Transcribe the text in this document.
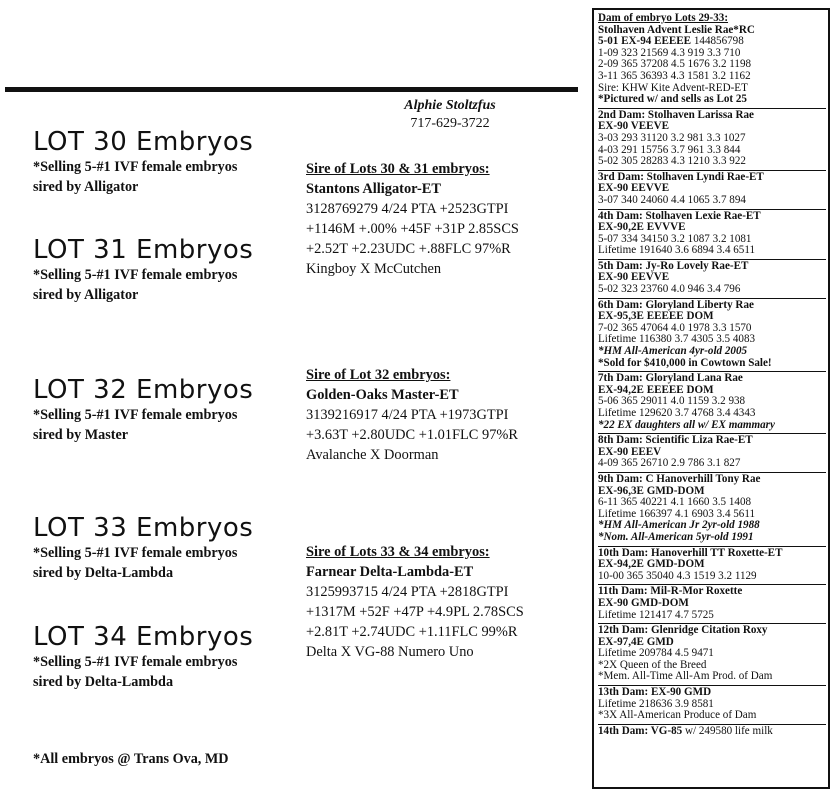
Alphie Stoltzfus
717-629-3722
LOT 30 Embryos
*Selling 5-#1 IVF female embryos
sired by Alligator
LOT 31 Embryos
*Selling 5-#1 IVF female embryos
sired by Alligator
LOT 32 Embryos
*Selling 5-#1 IVF female embryos
sired by Master
LOT 33 Embryos
*Selling 5-#1 IVF female embryos
sired by Delta-Lambda
LOT 34 Embryos
*Selling 5-#1 IVF female embryos
sired by Delta-Lambda
Sire of Lots 30 & 31 embryos:
Stantons Alligator-ET
3128769279 4/24 PTA +2523GTPI
+1146M +.00% +45F +31P 2.85SCS
+2.52T +2.23UDC +.88FLC 97%R
Kingboy X McCutchen
Sire of Lot 32 embryos:
Golden-Oaks Master-ET
3139216917 4/24 PTA +1973GTPI
+3.63T +2.80UDC +1.01FLC 97%R
Avalanche X Doorman
Sire of Lots 33 & 34 embryos:
Farnear Delta-Lambda-ET
3125993715 4/24 PTA +2818GTPI
+1317M +52F +47P +4.9PL 2.78SCS
+2.81T +2.74UDC +1.11FLC 99%R
Delta X VG-88 Numero Uno
*All embryos @ Trans Ova, MD
Dam of embryo Lots 29-33:
Stolhaven Advent Leslie Rae*RC
5-01 EX-94 EEEEE 144856798
1-09 323 21569 4.3 919 3.3 710
2-09 365 37208 4.5 1676 3.2 1198
3-11 365 36393 4.3 1581 3.2 1162
Sire: KHW Kite Advent-RED-ET
*Pictured w/ and sells as Lot 25
2nd Dam: Stolhaven Larissa Rae
EX-90 VEEVE
3-03 293 31120 3.2 981 3.3 1027
4-03 291 15756 3.7 961 3.3 844
5-02 305 28283 4.3 1210 3.3 922
3rd Dam: Stolhaven Lyndi Rae-ET
EX-90 EEVVE
3-07 340 24060 4.4 1065 3.7 894
4th Dam: Stolhaven Lexie Rae-ET
EX-90,2E EVVVE
5-07 334 34150 3.2 1087 3.2 1081
Lifetime 191640 3.6 6894 3.4 6511
5th Dam: Jy-Ro Lovely Rae-ET
EX-90 EEVVE
5-02 323 23760 4.0 946 3.4 796
6th Dam: Gloryland Liberty Rae
EX-95,3E EEEEE DOM
7-02 365 47064 4.0 1978 3.3 1570
Lifetime 116380 3.7 4305 3.5 4083
*HM All-American 4yr-old 2005
*Sold for $410,000 in Cowtown Sale!
7th Dam: Gloryland Lana Rae
EX-94,2E EEEEE DOM
5-06 365 29011 4.0 1159 3.2 938
Lifetime 129620 3.7 4768 3.4 4343
*22 EX daughters all w/ EX mammary
8th Dam: Scientific Liza Rae-ET
EX-90 EEEV
4-09 365 26710 2.9 786 3.1 827
9th Dam: C Hanoverhill Tony Rae
EX-96,3E GMD-DOM
6-11 365 40221 4.1 1660 3.5 1408
Lifetime 166397 4.1 6903 3.4 5611
*HM All-American Jr 2yr-old 1988
*Nom. All-American 5yr-old 1991
10th Dam: Hanoverhill TT Roxette-ET
EX-94,2E GMD-DOM
10-00 365 35040 4.3 1519 3.2 1129
11th Dam: Mil-R-Mor Roxette
EX-90 GMD-DOM
Lifetime 121417 4.7 5725
12th Dam: Glenridge Citation Roxy
EX-97,4E GMD
Lifetime 209784 4.5 9471
*2X Queen of the Breed
*Mem. All-Time All-Am Prod. of Dam
13th Dam: EX-90 GMD
Lifetime 218636 3.9 8581
*3X All-American Produce of Dam
14th Dam: VG-85 w/ 249580 life milk
